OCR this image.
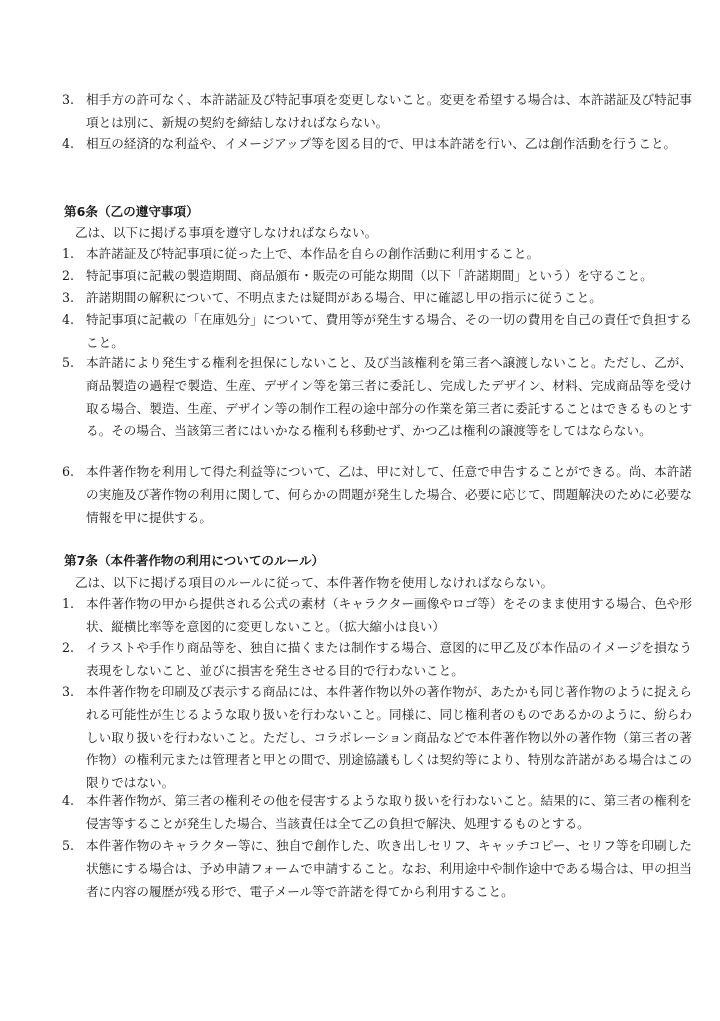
3. 相手方の許可なく、本許諾証及び特記事項を変更しないこと。変更を希望する場合は、本許諾証及び特記事項とは別に、新規の契約を締結しなければならない。
4. 相互の経済的な利益や、イメージアップ等を図る目的で、甲は本許諾を行い、乙は創作活動を行うこと。
第6条（乙の遵守事項）
乙は、以下に掲げる事項を遵守しなければならない。
1. 本許諾証及び特記事項に従った上で、本作品を自らの創作活動に利用すること。
2. 特記事項に記載の製造期間、商品頒布・販売の可能な期間（以下「許諾期間」という）を守ること。
3. 許諾期間の解釈について、不明点または疑問がある場合、甲に確認し甲の指示に従うこと。
4. 特記事項に記載の「在庫処分」について、費用等が発生する場合、その一切の費用を自己の責任で負担すること。
5. 本許諾により発生する権利を担保にしないこと、及び当該権利を第三者へ譲渡しないこと。ただし、乙が、商品製造の過程で製造、生産、デザイン等を第三者に委託し、完成したデザイン、材料、完成商品等を受け取る場合、製造、生産、デザイン等の制作工程の途中部分の作業を第三者に委託することはできるものとする。その場合、当該第三者にはいかなる権利も移動せず、かつ乙は権利の譲渡等をしてはならない。
6. 本件著作物を利用して得た利益等について、乙は、甲に対して、任意で申告することができる。尚、本許諾の実施及び著作物の利用に関して、何らかの問題が発生した場合、必要に応じて、問題解決のために必要な情報を甲に提供する。
第7条（本件著作物の利用についてのルール）
乙は、以下に掲げる項目のルールに従って、本件著作物を使用しなければならない。
1. 本件著作物の甲から提供される公式の素材（キャラクター画像やロゴ等）をそのまま使用する場合、色や形状、縦横比率等を意図的に変更しないこと。（拡大縮小は良い）
2. イラストや手作り商品等を、独自に描くまたは制作する場合、意図的に甲乙及び本作品のイメージを損なう表現をしないこと、並びに損害を発生させる目的で行わないこと。
3. 本件著作物を印刷及び表示する商品には、本件著作物以外の著作物が、あたかも同じ著作物のように捉えられる可能性が生じるような取り扱いを行わないこと。同様に、同じ権利者のものであるかのように、紛らわしい取り扱いを行わないこと。ただし、コラボレーション商品などで本件著作物以外の著作物（第三者の著作物）の権利元または管理者と甲との間で、別途協議もしくは契約等により、特別な許諾がある場合はこの限りではない。
4. 本件著作物が、第三者の権利その他を侵害するような取り扱いを行わないこと。結果的に、第三者の権利を侵害等することが発生した場合、当該責任は全て乙の負担で解決、処理するものとする。
5. 本件著作物のキャラクター等に、独自で創作した、吹き出しセリフ、キャッチコピー、セリフ等を印刷した状態にする場合は、予め申請フォームで申請すること。なお、利用途中や制作途中である場合は、甲の担当者に内容の履歴が残る形で、電子メール等で許諾を得てから利用すること。
